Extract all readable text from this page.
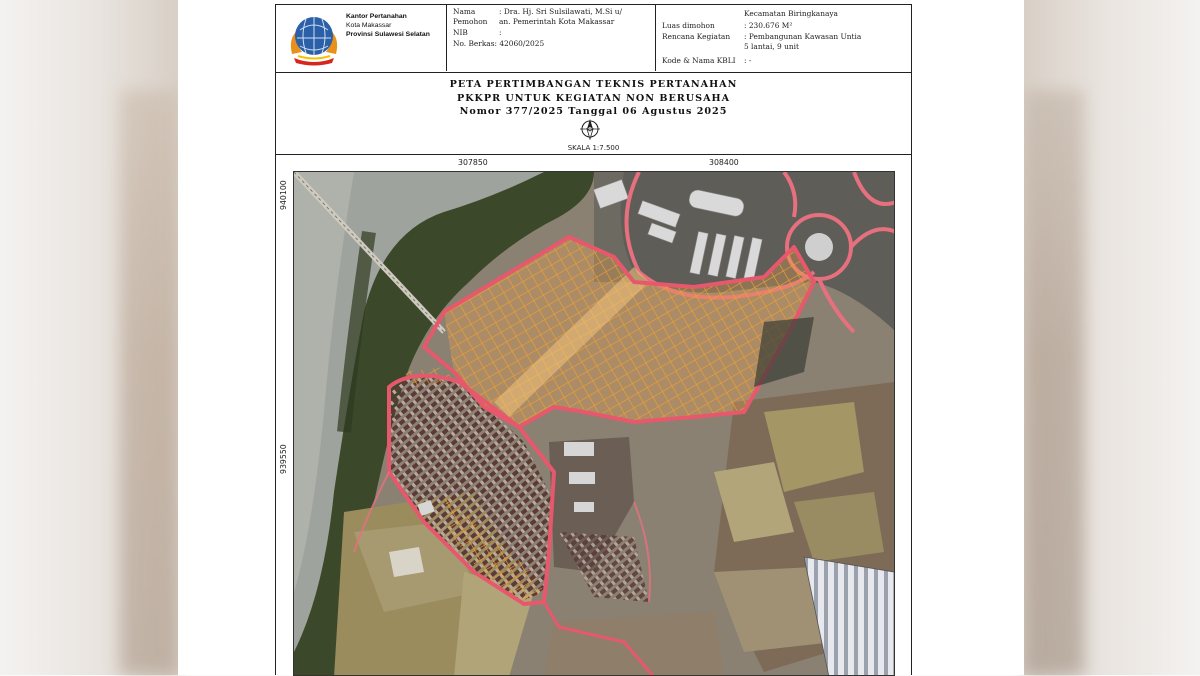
Kantor Pertanahan
Kota Makassar
Provinsi Sulawesi Selatan
Nama	: Dra. Hj. Sri Sulsilawati, M.Si u/
Pemohon an. Pemerintah Kota Makassar
NIB	:
No. Berkas: 42060/2025
Kecamatan Biringkanaya
Luas dimohon	: 230.676 M²
Rencana Kegiatan : Pembangunan Kawasan Untia
5 lantai, 9 unit
Kode & Nama KBLI : -
PETA PERTIMBANGAN TEKNIS PERTANAHAN
PKKPR UNTUK KEGIATAN NON BERUSAHA
Nomor 377/2025 Tanggal 06 Agustus 2025
SKALA 1:7.500
307850	308400
940100
939550
